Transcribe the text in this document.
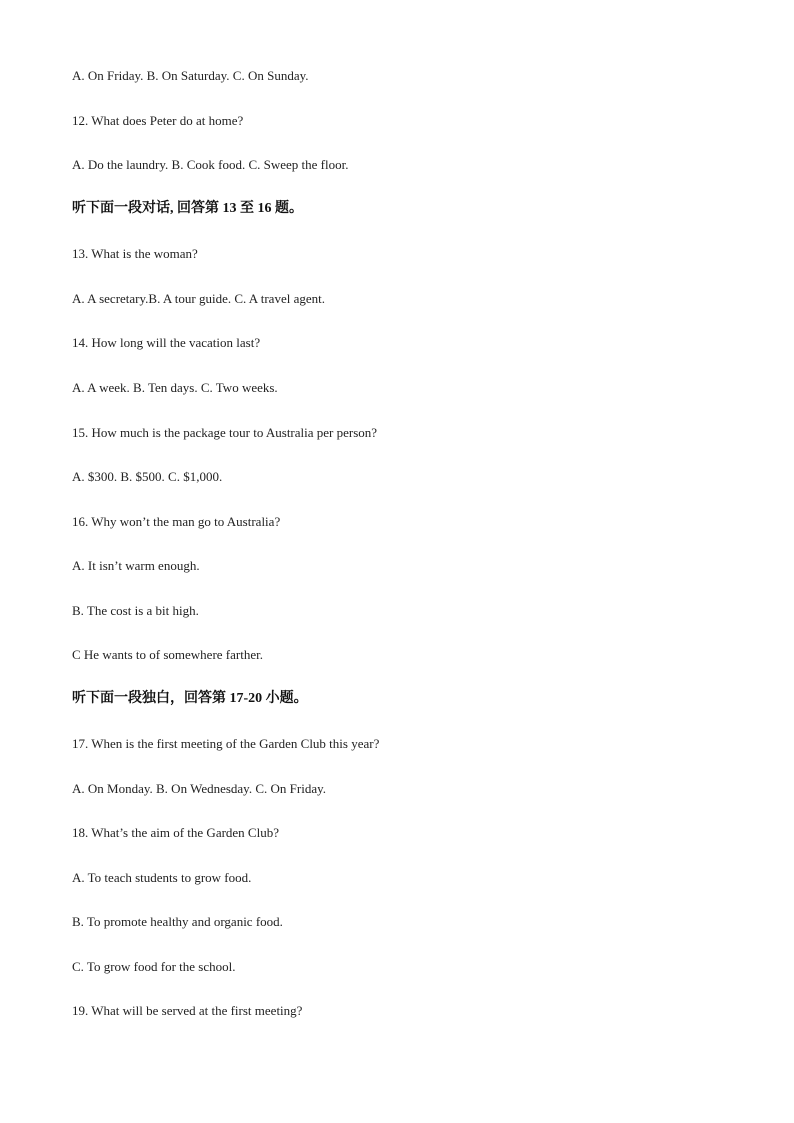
A. On Friday. B. On Saturday. C. On Sunday.
12. What does Peter do at home?
A. Do the laundry. B. Cook food. C. Sweep the floor.
听下面一段对话, 回答第 13 至 16 题。
13. What is the woman?
A. A secretary.B. A tour guide. C. A travel agent.
14. How long will the vacation last?
A. A week. B. Ten days. C. Two weeks.
15. How much is the package tour to Australia per person?
A. $300. B. $500. C. $1,000.
16. Why won’t the man go to Australia?
A. It isn’t warm enough.
B. The cost is a bit high.
C He wants to of somewhere farther.
听下面一段独白，回答第 17-20 小题。
17. When is the first meeting of the Garden Club this year?
A. On Monday. B. On Wednesday. C. On Friday.
18. What’s the aim of the Garden Club?
A. To teach students to grow food.
B. To promote healthy and organic food.
C. To grow food for the school.
19. What will be served at the first meeting?
